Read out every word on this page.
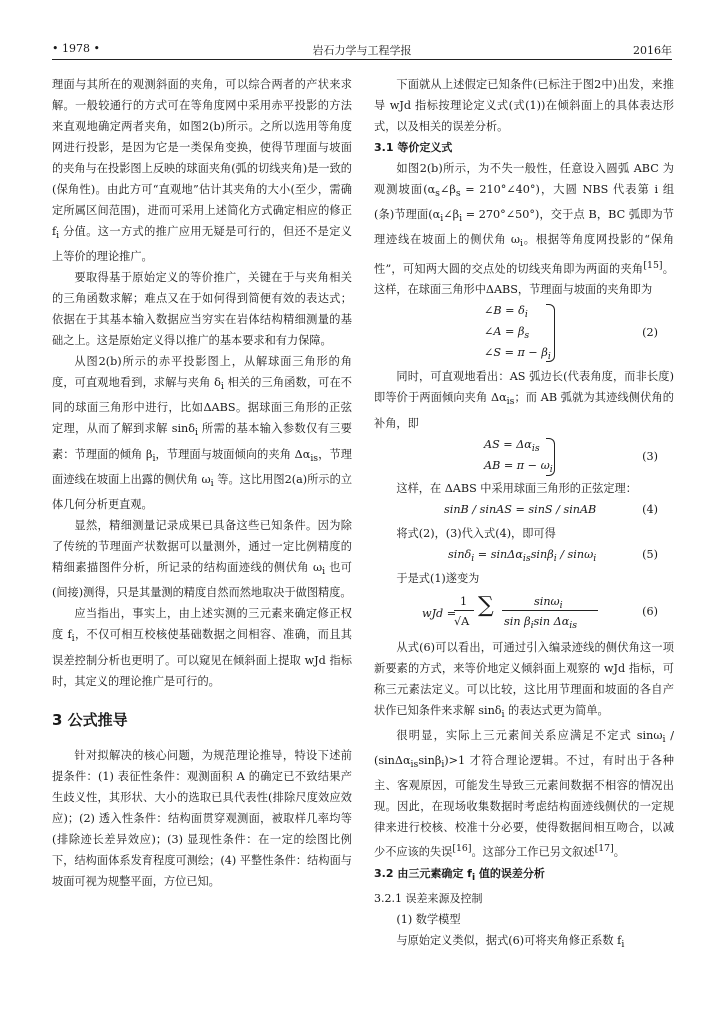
• 1978 •	岩石力学与工程学报	2016年

理面与其所在的观测斜面的夹角，可以综合两者的产状来求解。一般较通行的方式可在等角度网中采用赤平投影的方法来直观地确定两者夹角，如图2(b)所示。之所以选用等角度网进行投影，是因为它是一类保角变换，使得节理面与坡面的夹角与在投影图上反映的球面夹角(弧的切线夹角)是一致的(保角性)。由此方可“直观地”估计其夹角的大小(至少，需确定所属区间范围)，进而可采用上述简化方式确定相应的修正 $f_i$ 分值。这一方式的推广应用无疑是可行的，但还不是定义上等价的理论推广。

要取得基于原始定义的等价推广，关键在于与夹角相关的三角函数求解；难点又在于如何得到简便有效的表达式；依据在于其基本输入数据应当穷实在岩体结构精细测量的基础之上。这是原始定义得以推广的基本要求和有力保障。

从图2(b)所示的赤平投影图上，从解球面三角形的角度，可直观地看到，求解与夹角 $\delta_i$ 相关的三角函数，可在不同的球面三角形中进行，比如ΔABS。据球面三角形的正弦定理，从而了解到求解 sinδ$_i$ 所需的基本输入参数仅有三要素：节理面的倾角 $\beta_i$，节理面与坡面倾向的夹角 $\Delta\alpha_{is}$，节理面迹线在坡面上出露的侧伏角 $\omega_i$ 等。这比用图2(a)所示的立体几何分析更直观。

显然，精细测量记录成果已具备这些已知条件。因为除了传统的节理面产状数据可以量测外，通过一定比例精度的精细素描图件分析，所记录的结构面迹线的侧伏角 $\omega_i$ 也可(间接)测得，只是其量测的精度自然而然地取决于做图精度。

应当指出，事实上，由上述实测的三元素来确定修正权度 $f_i$，不仅可相互校核使基础数据之间相容、准确，而且其误差控制分析也更明了。可以窥见在倾斜面上提取 wJd 指标时，其定义的理论推广是可行的。

3 公式推导

针对拟解决的核心问题，为规范理论推导，特设下述前提条件：(1) 表征性条件：观测面积 A 的确定已不致结果产生歧义性，其形状、大小的选取已具代表性(排除尺度效应效应)；(2) 透入性条件：结构面贯穿观测面，被取样几率均等(排除迹长差异效应)；(3) 显现性条件：在一定的绘图比例下，结构面体系发育程度可测绘；(4) 平整性条件：结构面与坡面可视为规整平面，方位已知。

下面就从上述假定已知条件(已标注于图2中)出发，来推导 wJd 指标按理论定义式(式(1))在倾斜面上的具体表达形式，以及相关的误差分析。

3.1 等价定义式

如图2(b)所示，为不失一般性，任意设入圆弧 ABC 为观测坡面($\alpha_s\angle\beta_s$ = 210°∠40°)，大圆 NBS 代表第 i 组(条)节理面($\alpha_i\angle\beta_i$ = 270°∠50°)，交于点 B，BC 弧即为节理迹线在坡面上的侧伏角 $\omega_i$。根据等角度网投影的“保角性”，可知两大圆的交点处的切线夹角即为两面的夹角[15]。这样，在球面三角形中ΔABS，节理面与坡面的夹角即为

∠B = $\delta_i$
∠A = $\beta_s$
∠S = $\pi - \beta_i$
(2)

同时，可直观地看出：AS 弧边长(代表角度，而非长度)即等价于两面倾向夹角 $\Delta\alpha_{is}$；而 AB 弧就为其迹线侧伏角的补角，即

AS = $\Delta\alpha_{is}$
AB = $\pi - \omega_i$
(3)

这样，在 ΔABS 中采用球面三角形的正弦定理：

sinB / sinAS = sinS / sinAB	(4)

将式(2)，(3)代入式(4)，即可得

sinδ$_i$ = sinΔα$_{is}$sinβ$_i$ / sinω$_i$	(5)

于是式(1)遂变为

wJd =
1
√A
∑	sinω$_i$
$\sin \beta_i\sin$ $\Delta\alpha_{is}$
(6)

从式(6)可以看出，可通过引入编录迹线的侧伏角这一项新要素的方式，来等价地定义倾斜面上观察的 wJd 指标，可称三元素法定义。可以比较，这比用节理面和坡面的各自产状作已知条件来求解 sinδ$_i$ 的表达式更为简单。

很明显，实际上三元素间关系应满足不定式 sinω$_i$ / (sinΔα$_{is}$sinβ$_i$)>1 才符合理论逻辑。不过，有时出于各种主、客观原因，可能发生导致三元素间数据不相容的情况出现。因此，在现场收集数据时考虑结构面迹线侧伏的一定规律来进行校核、校准十分必要，使得数据间相互吻合，以减少不应该的失误[16]。这部分工作已另文叙述[17]。

3.2 由三元素确定 $f_i$ 值的误差分析
3.2.1 误差来源及控制

(1) 数学模型

与原始定义类似，据式(6)可将夹角修正系数 $f_i$
